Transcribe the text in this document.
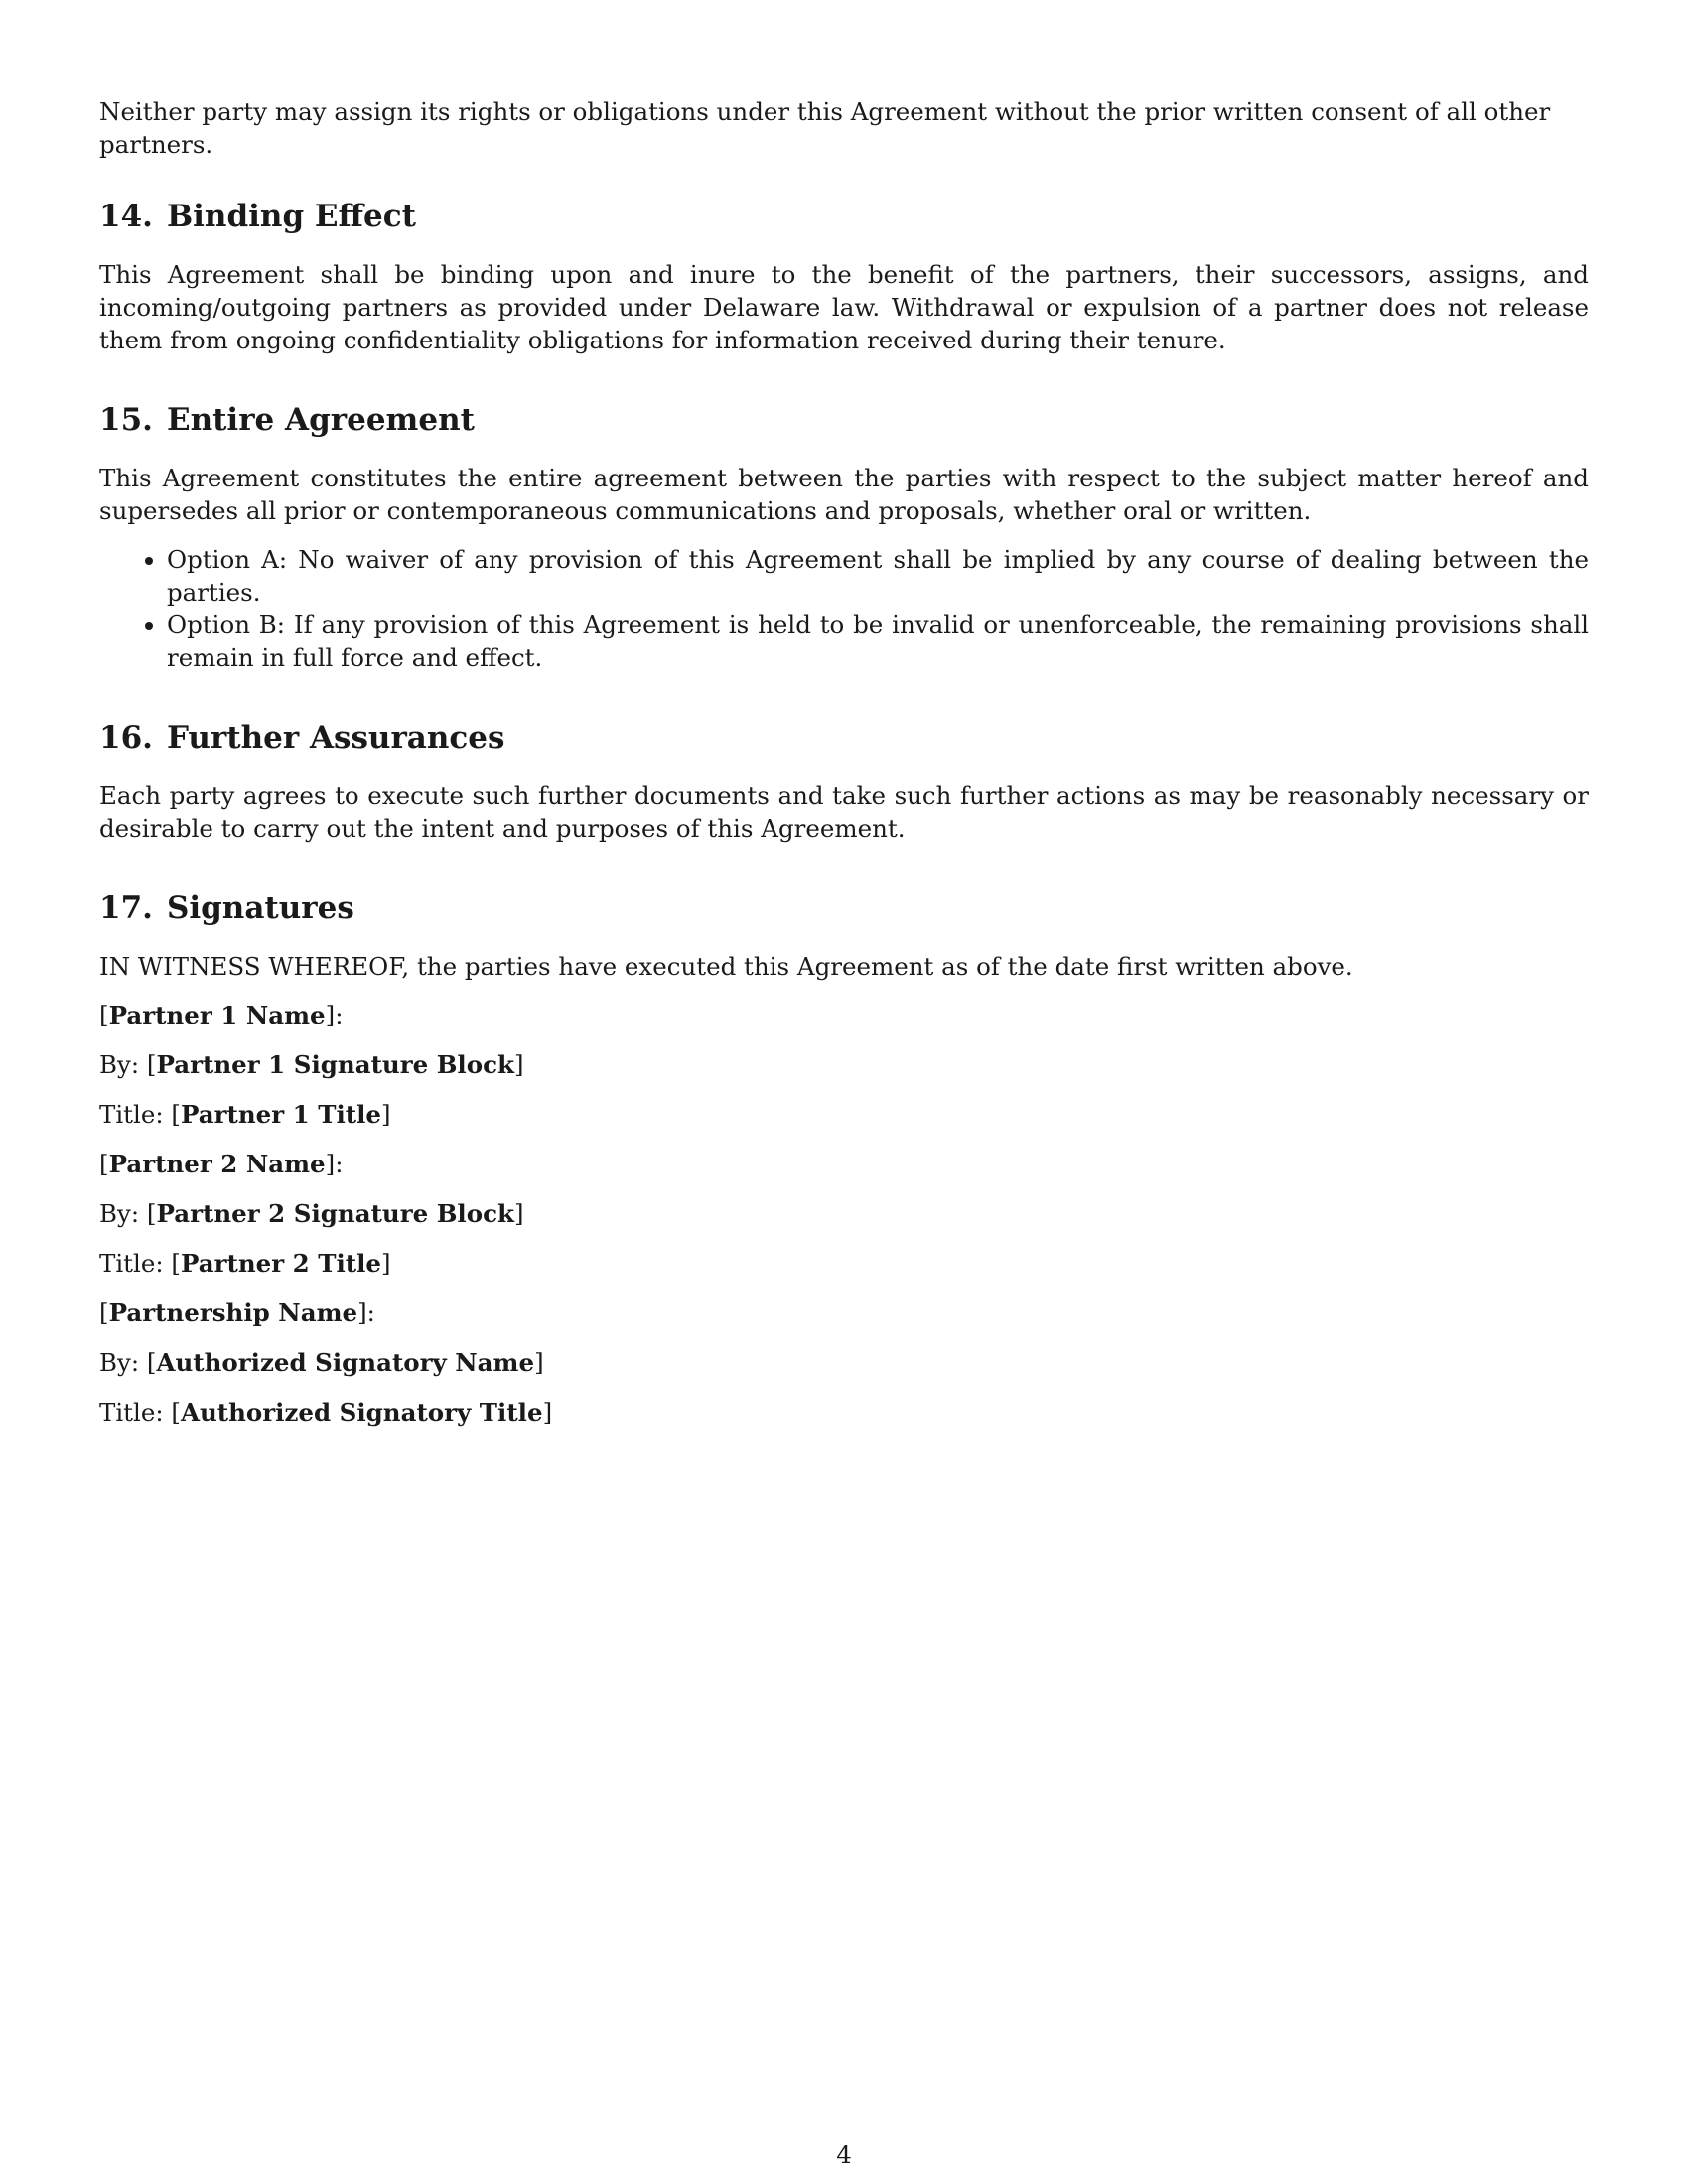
Neither party may assign its rights or obligations under this Agreement without the prior written consent of all other partners.

14. Binding Effect

This Agreement shall be binding upon and inure to the benefit of the partners, their successors, assigns, and incoming/outgoing partners as provided under Delaware law. Withdrawal or expulsion of a partner does not release them from ongoing confidentiality obligations for information received during their tenure.

15. Entire Agreement

This Agreement constitutes the entire agreement between the parties with respect to the subject matter hereof and supersedes all prior or contemporaneous communications and proposals, whether oral or written.

• Option A: No waiver of any provision of this Agreement shall be implied by any course of dealing between the parties.
• Option B: If any provision of this Agreement is held to be invalid or unenforceable, the remaining provisions shall remain in full force and effect.
16. Further Assurances

Each party agrees to execute such further documents and take such further actions as may be reasonably necessary or desirable to carry out the intent and purposes of this Agreement.

17. Signatures

IN WITNESS WHEREOF, the parties have executed this Agreement as of the date first written above.

[Partner 1 Name]:

By: [Partner 1 Signature Block]

Title: [Partner 1 Title]

[Partner 2 Name]:

By: [Partner 2 Signature Block]

Title: [Partner 2 Title]

[Partnership Name]:

By: [Authorized Signatory Name]

Title: [Authorized Signatory Title]

4
